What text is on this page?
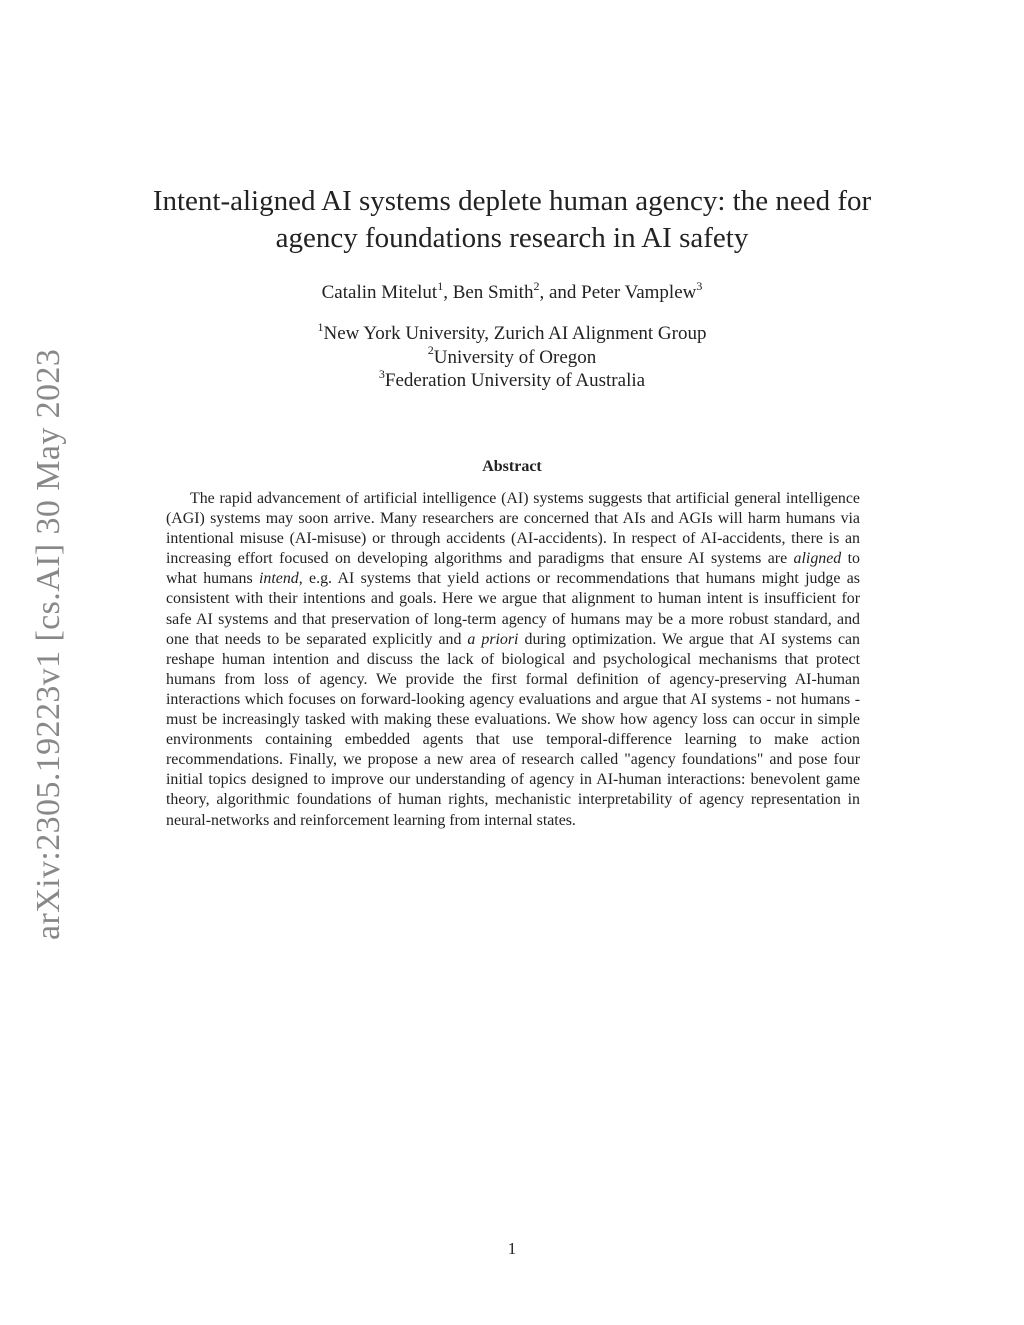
arXiv:2305.19223v1 [cs.AI] 30 May 2023
Intent-aligned AI systems deplete human agency: the need for agency foundations research in AI safety
Catalin Mitelut$^1$, Ben Smith$^2$, and Peter Vamplew$^3$
$^1$New York University, Zurich AI Alignment Group
$^2$University of Oregon
$^3$Federation University of Australia
Abstract

The rapid advancement of artificial intelligence (AI) systems suggests that artificial general intelligence (AGI) systems may soon arrive. Many researchers are concerned that AIs and AGIs will harm humans via intentional misuse (AI-misuse) or through accidents (AI-accidents). In respect of AI-accidents, there is an increasing effort focused on developing algorithms and paradigms that ensure AI systems are aligned to what humans intend, e.g. AI systems that yield actions or recommendations that humans might judge as consistent with their intentions and goals. Here we argue that alignment to human intent is insufficient for safe AI systems and that preservation of long-term agency of humans may be a more robust standard, and one that needs to be separated explicitly and a priori during optimization. We argue that AI systems can reshape human intention and discuss the lack of biological and psychological mechanisms that protect humans from loss of agency. We provide the first formal definition of agency-preserving AI-human interactions which focuses on forward-looking agency evaluations and argue that AI systems - not humans - must be increasingly tasked with making these evaluations. We show how agency loss can occur in simple environments containing embedded agents that use temporal-difference learning to make action recommendations. Finally, we propose a new area of research called "agency foundations" and pose four initial topics designed to improve our understanding of agency in AI-human interactions: benevolent game theory, algorithmic foundations of human rights, mechanistic interpretability of agency representation in neural-networks and reinforcement learning from internal states.

1
